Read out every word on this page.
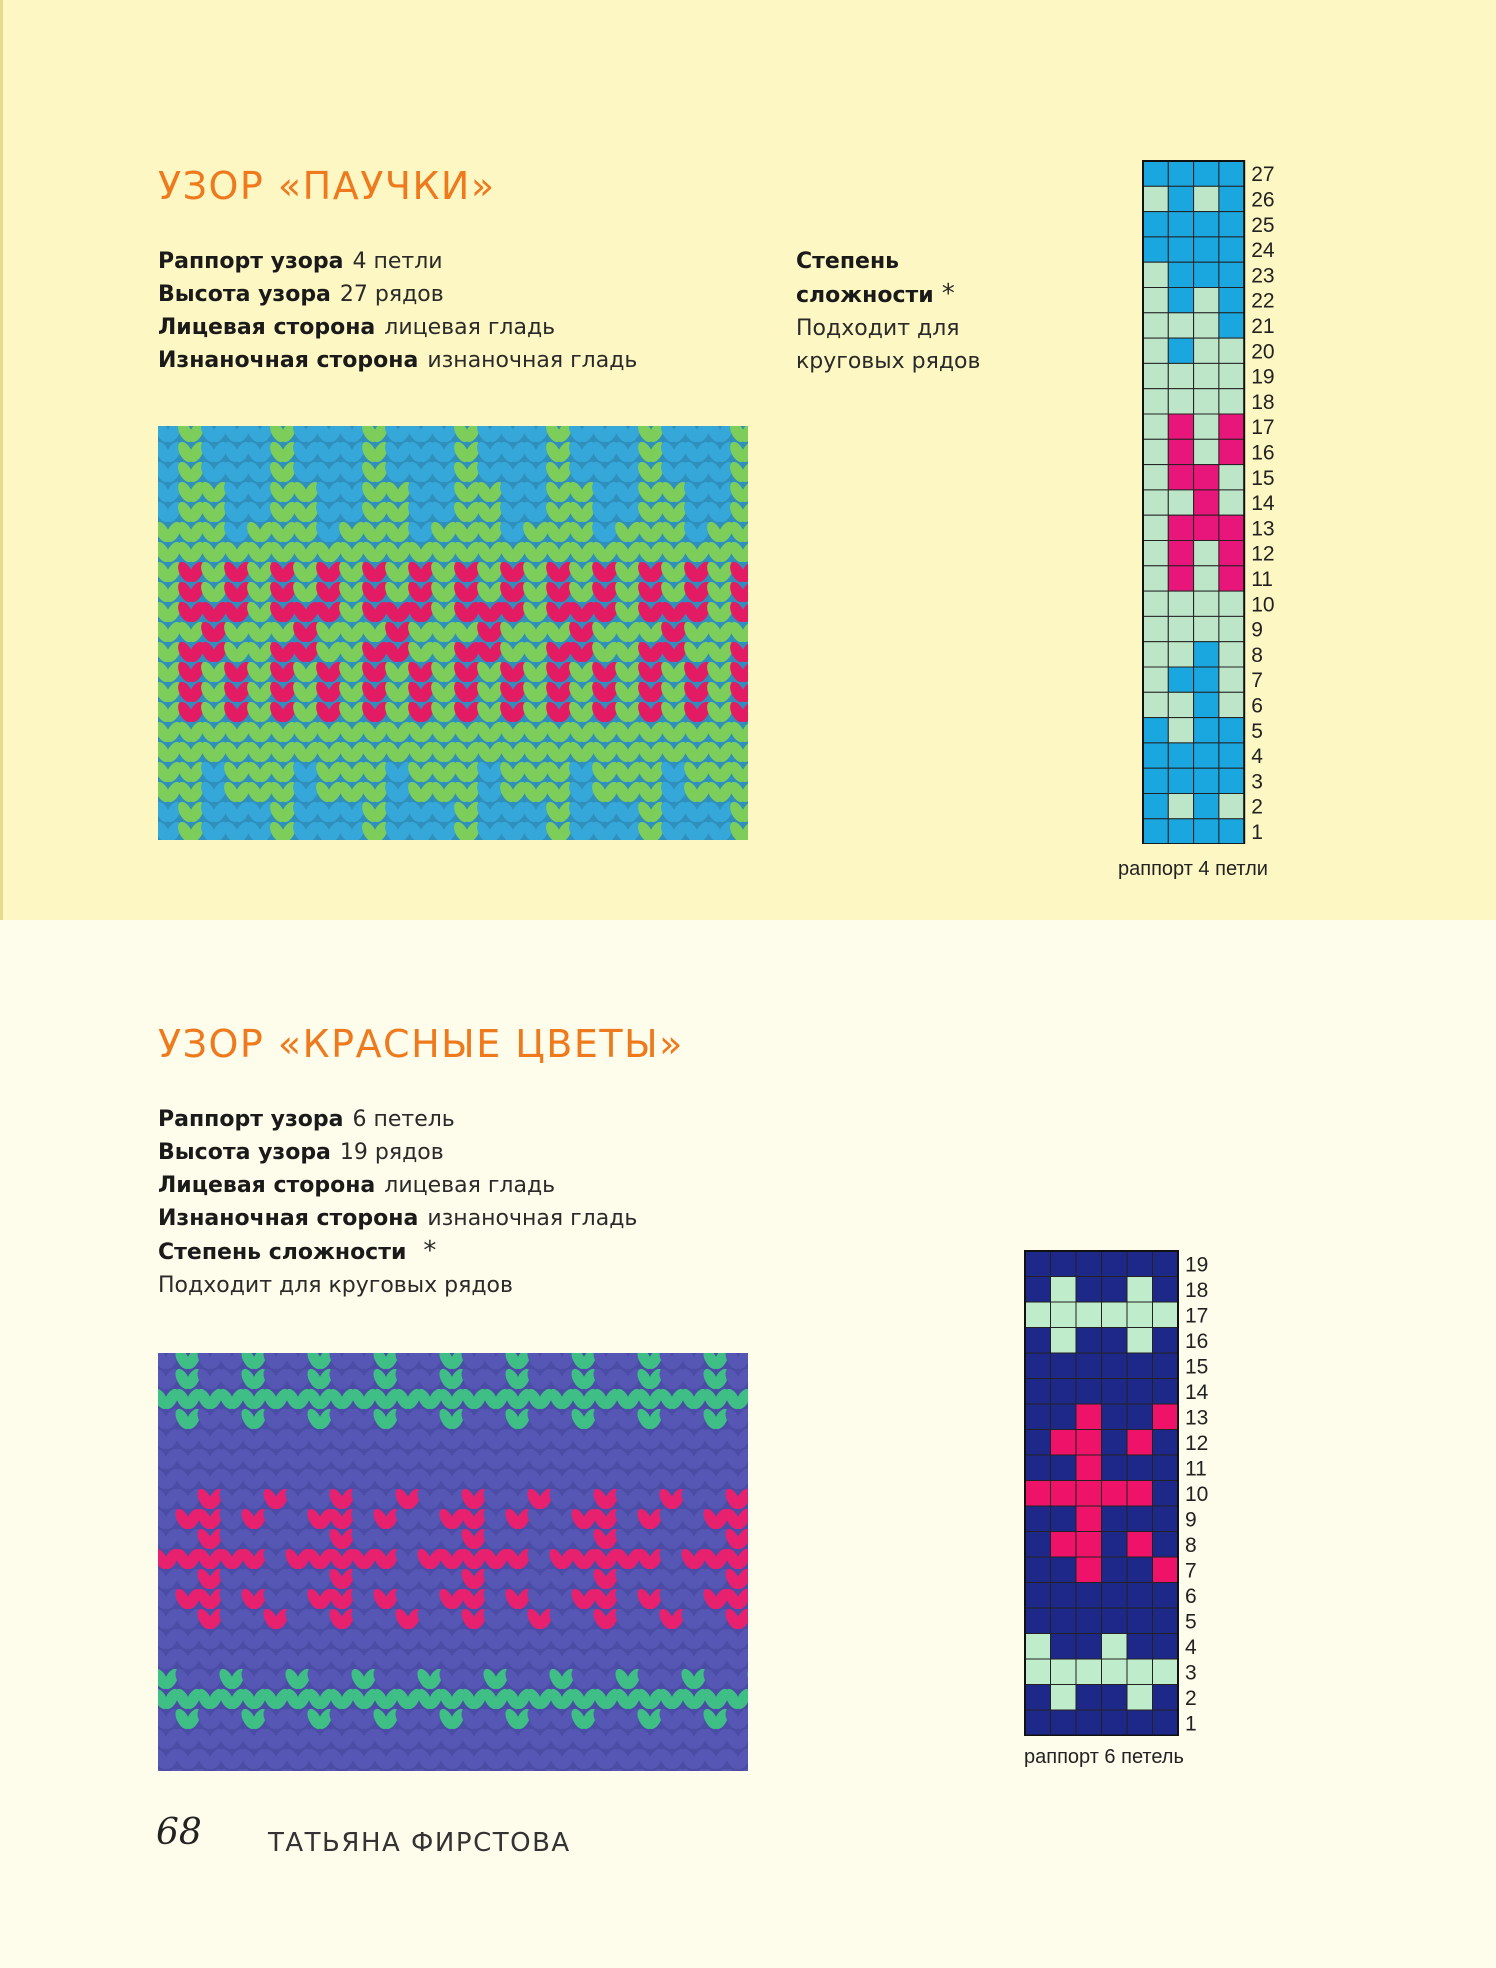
УЗОР «ПАУЧКИ»
Раппорт узора 4 петли
Высота узора 27 рядов
Лицевая сторона лицевая гладь
Изнаночная сторона изнаночная гладь
Степень
сложности *
Подходит для
круговых рядов
27
26
25
24
23
22
21
20
19
18
17
16
15
14
13
12
11
10
9
8
7
6
5
4
3
2
1
раппорт 4 петли
УЗОР «КРАСНЫЕ ЦВЕТЫ»
Раппорт узора 6 петель
Высота узора 19 рядов
Лицевая сторона лицевая гладь
Изнаночная сторона изнаночная гладь
Степень сложности *
Подходит для круговых рядов
19
18
17
16
15
14
13
12
11
10
9
8
7
6
5
4
3
2
1
раппорт 6 петель
68	ТАТЬЯНА ФИРСТОВА
